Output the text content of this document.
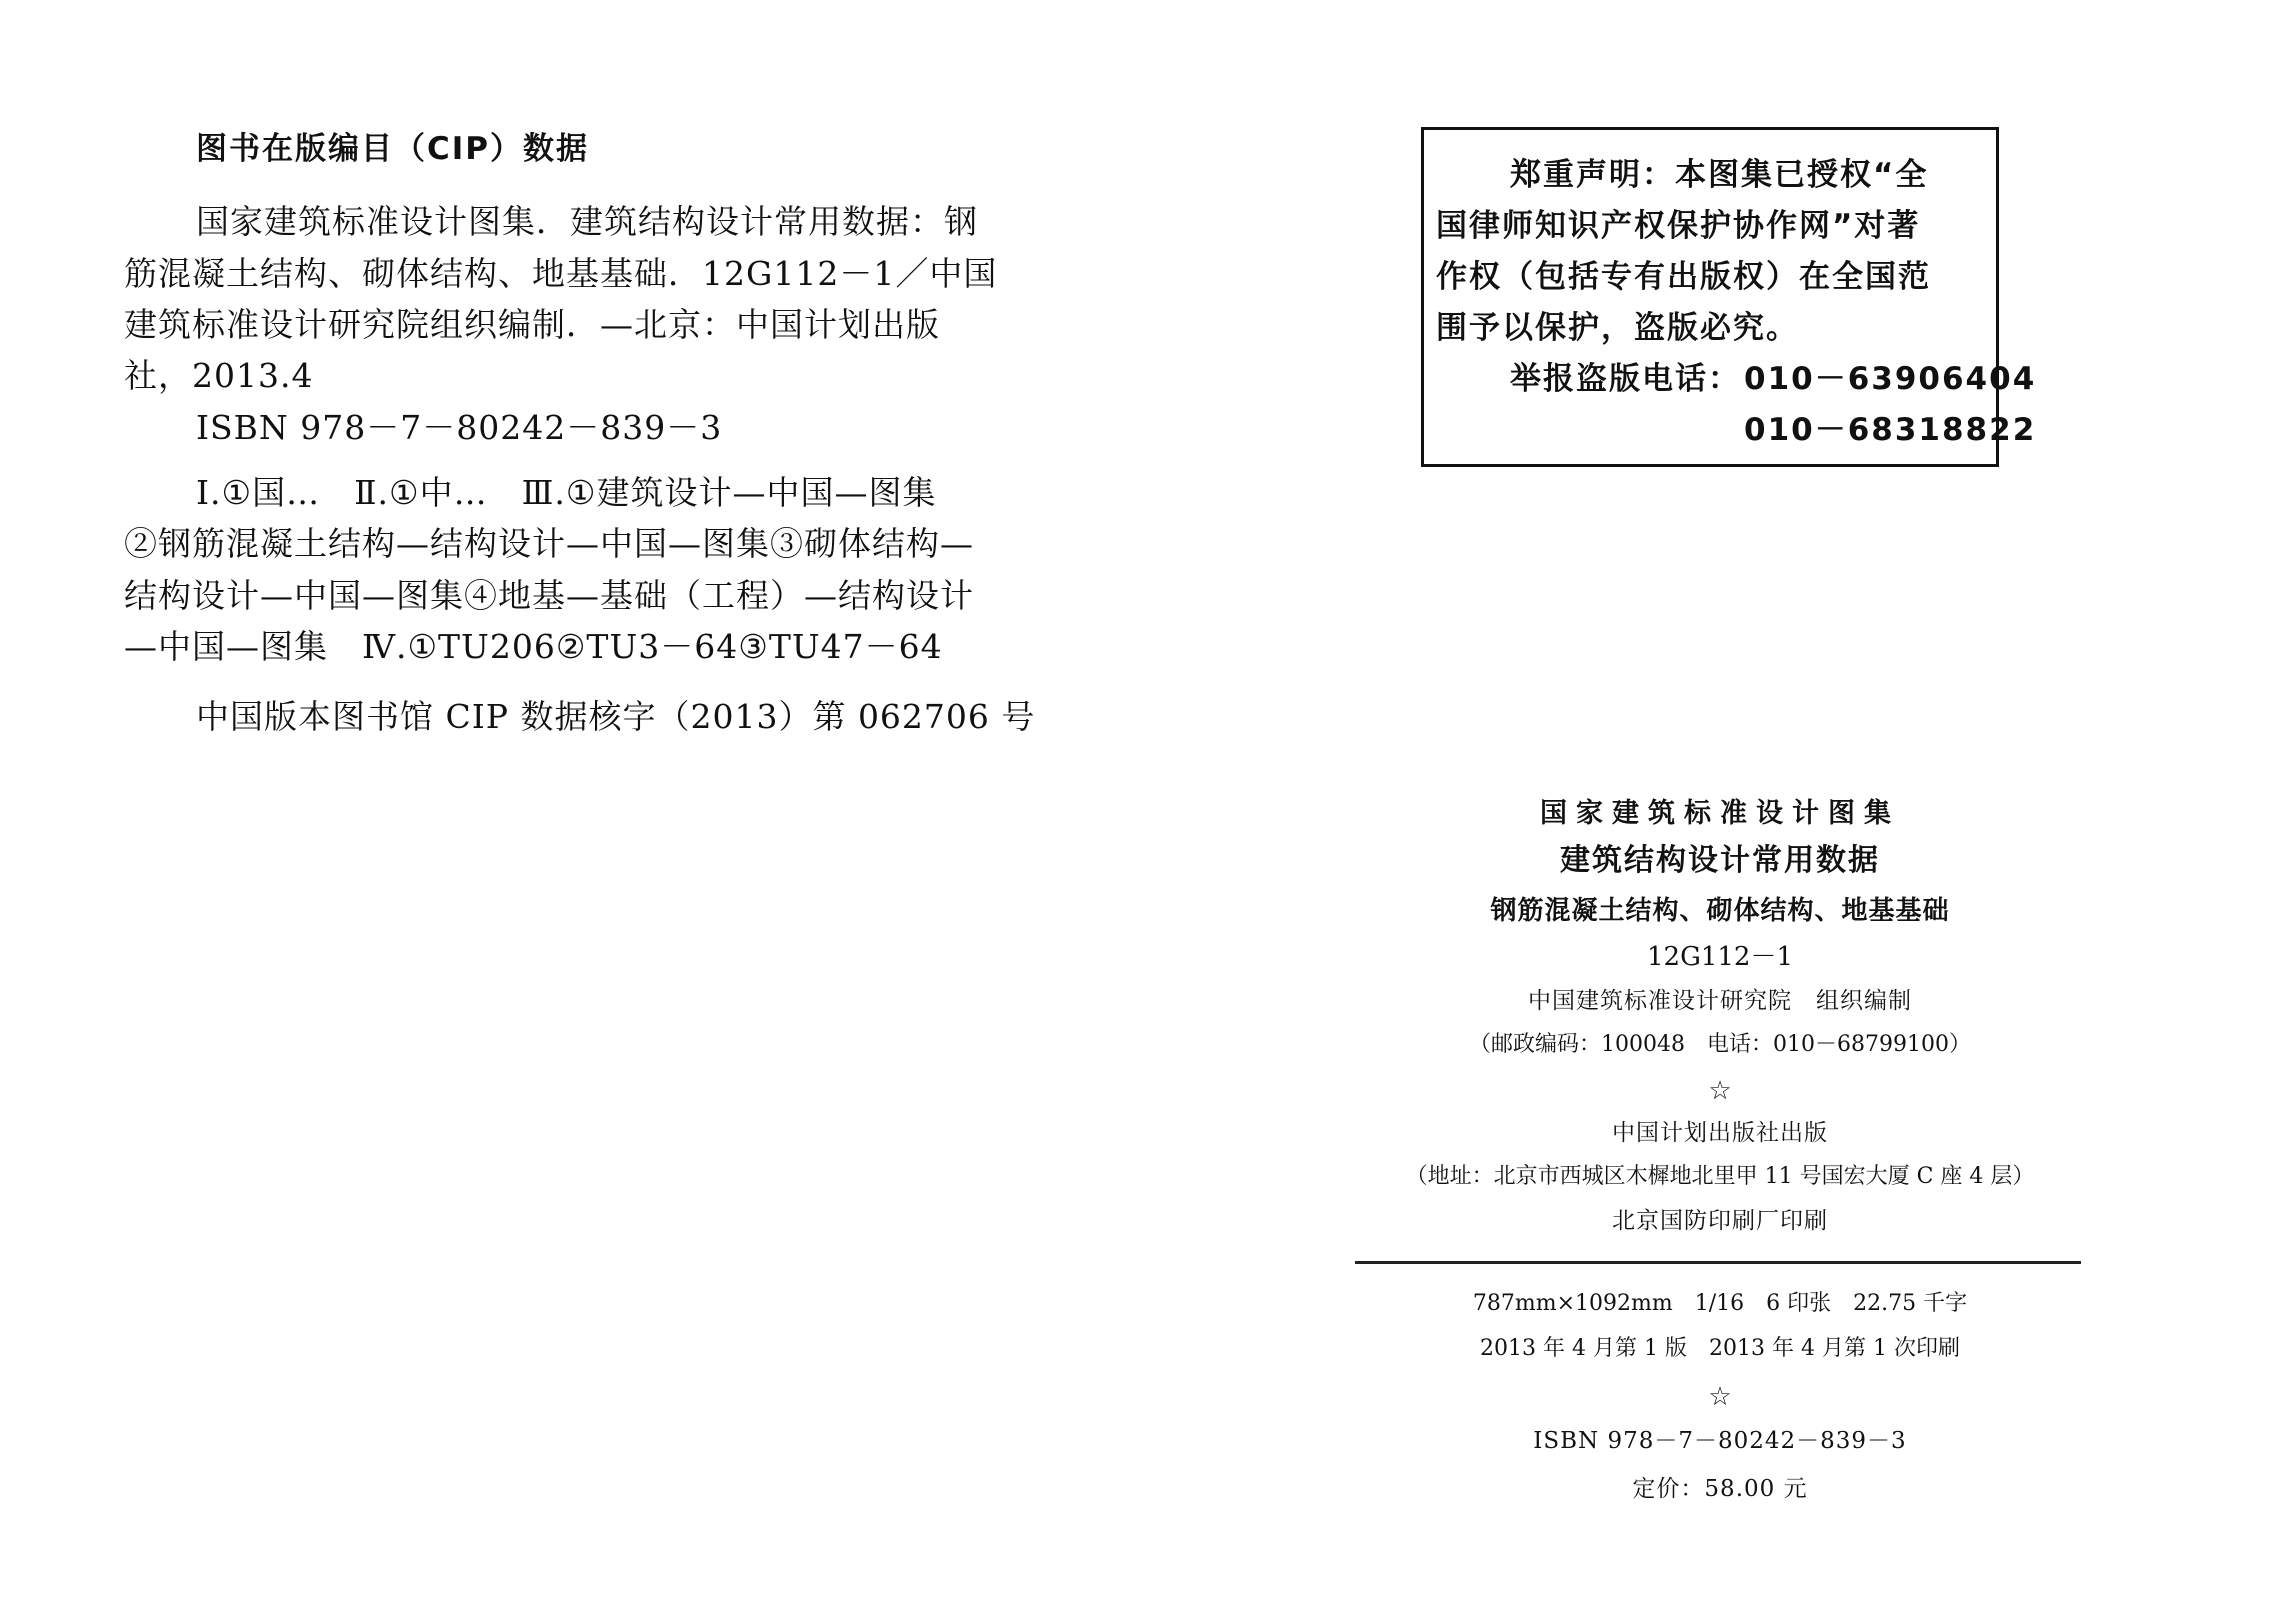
图书在版编目（CIP）数据
国家建筑标准设计图集．建筑结构设计常用数据：钢
筋混凝土结构、砌体结构、地基基础．12G112－1／中国
建筑标准设计研究院组织编制．—北京：中国计划出版
社，2013.4
ISBN 978－7－80242－839－3
Ⅰ.①国…　Ⅱ.①中…　Ⅲ.①建筑设计—中国—图集
②钢筋混凝土结构—结构设计—中国—图集③砌体结构—
结构设计—中国—图集④地基—基础（工程）—结构设计
—中国—图集　Ⅳ.①TU206②TU3－64③TU47－64
中国版本图书馆 CIP 数据核字（2013）第 062706 号
郑重声明：本图集已授权“全
国律师知识产权保护协作网”对著
作权（包括专有出版权）在全国范
围予以保护，盗版必究。
举报盗版电话： 010－63906404
010－68318822
国家建筑标准设计图集
建筑结构设计常用数据
钢筋混凝土结构、砌体结构、地基基础
12G112－1
中国建筑标准设计研究院　组织编制
（邮政编码：100048　电话：010－68799100）
☆
中国计划出版社出版
（地址：北京市西城区木樨地北里甲 11 号国宏大厦 C 座 4 层）
北京国防印刷厂印刷
787mm×1092mm　1/16　6 印张　22.75 千字
2013 年 4 月第 1 版　2013 年 4 月第 1 次印刷
☆
ISBN 978－7－80242－839－3
定价：58.00 元
